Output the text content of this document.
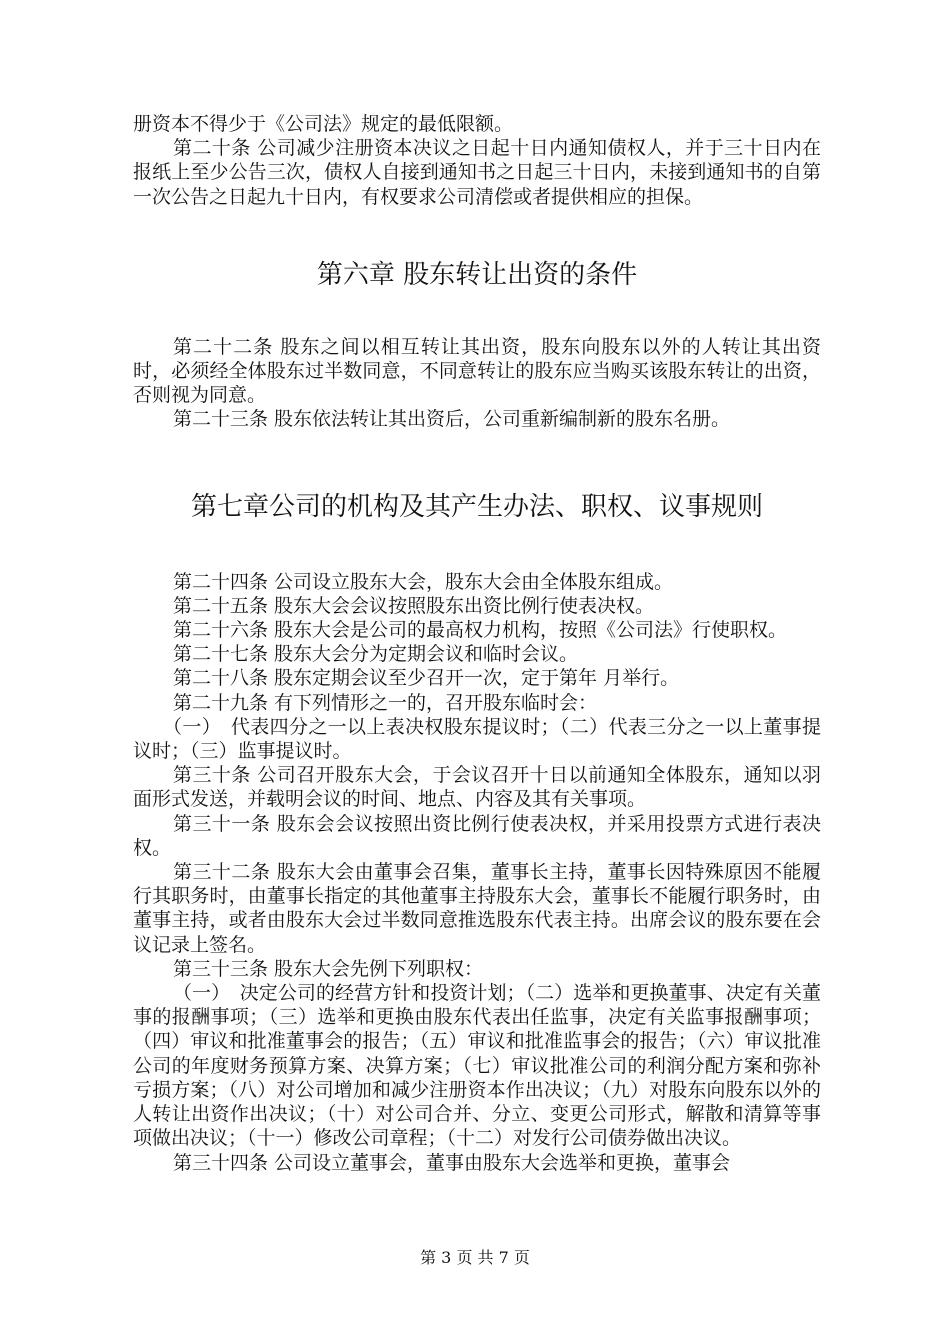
册资本不得少于《公司法》规定的最低限额。

第二十条 公司减少注册资本决议之日起十日内通知债权人，并于三十日内在报纸上至少公告三次，债权人自接到通知书之日起三十日内，未接到通知书的自第一次公告之日起九十日内，有权要求公司清偿或者提供相应的担保。

第六章 股东转让出资的条件

第二十二条 股东之间以相互转让其出资，股东向股东以外的人转让其出资时，必须经全体股东过半数同意，不同意转让的股东应当购买该股东转让的出资，否则视为同意。

第二十三条 股东依法转让其出资后，公司重新编制新的股东名册。

第七章公司的机构及其产生办法、职权、议事规则

第二十四条 公司设立股东大会，股东大会由全体股东组成。

第二十五条 股东大会会议按照股东出资比例行使表决权。

第二十六条 股东大会是公司的最高权力机构，按照《公司法》行使职权。

第二十七条 股东大会分为定期会议和临时会议。

第二十八条 股东定期会议至少召开一次，定于第年 月举行。

第二十九条 有下列情形之一的，召开股东临时会：

（一）　代表四分之一以上表决权股东提议时；（二）代表三分之一以上董事提议时；（三）监事提议时。

第三十条 公司召开股东大会，于会议召开十日以前通知全体股东，通知以羽面形式发送，并载明会议的时间、地点、内容及其有关事项。

第三十一条 股东会会议按照出资比例行使表决权，并采用投票方式进行表决权。

第三十二条 股东大会由董事会召集，董事长主持，董事长因特殊原因不能履行其职务时，由董事长指定的其他董事主持股东大会，董事长不能履行职务时，由董事主持，或者由股东大会过半数同意推选股东代表主持。出席会议的股东要在会议记录上签名。

第三十三条 股东大会先例下列职权：

（一）　决定公司的经营方针和投资计划；（二）选举和更换董事、决定有关董事的报酬事项；（三）选举和更换由股东代表出任监事，决定有关监事报酬事项；（四）审议和批准董事会的报告；（五）审议和批准监事会的报告；（六）审议批准公司的年度财务预算方案、决算方案；（七）审议批准公司的利润分配方案和弥补亏损方案；（八）对公司增加和减少注册资本作出决议；（九）对股东向股东以外的人转让出资作出决议；（十）对公司合并、分立、变更公司形式，解散和清算等事项做出决议；（十一）修改公司章程；（十二）对发行公司债券做出决议。

第三十四条 公司设立董事会，董事由股东大会选举和更换，董事会

第 3 页 共 7 页
